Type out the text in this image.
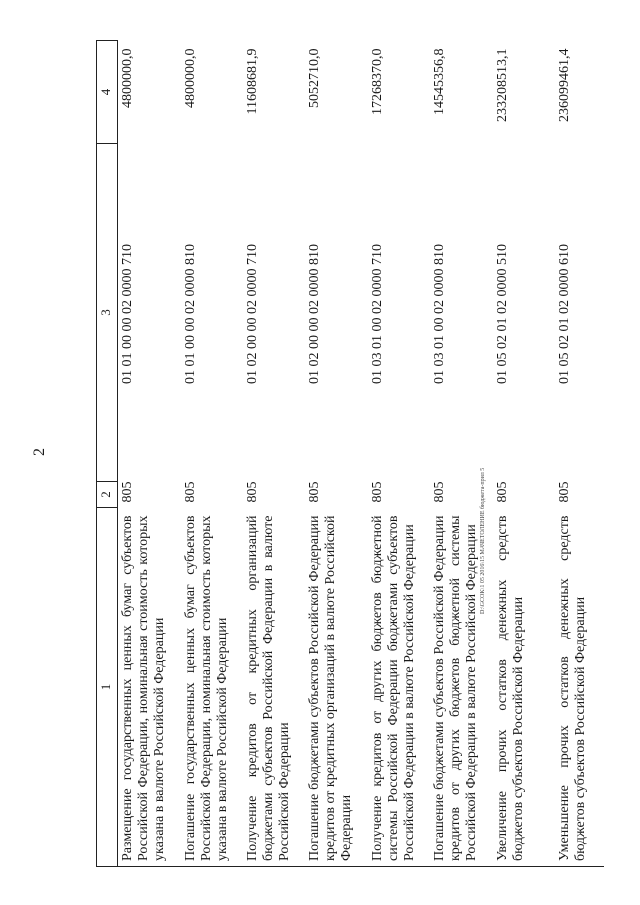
2
1	2	3	4
Размещение государственных ценных бумаг субъектов Российской Федерации, номинальная стоимость которых указана в валюте Российской Федерации	805	01 01 00 00 02 0000 710	4800000,0
Погашение государственных ценных бумаг субъектов Российской Федерации, номинальная стоимость которых указана в валюте Российской Федерации	805	01 01 00 00 02 0000 810	4800000,0
Получение кредитов от кредитных организаций бюджетами субъектов Российской Федерации в валюте Российской Федерации	805	01 02 00 00 02 0000 710	11608681,9
Погашение бюджетами субъектов Российской Федерации кредитов от кредитных организаций в валюте Российской Федерации	805	01 02 00 00 02 0000 810	5052710,0
Получение кредитов от других бюджетов бюджетной системы Российской Федерации бюджетами субъектов Российской Федерации в валюте Российской Федерации	805	01 03 01 00 02 0000 710	17268370,0
Погашение бюджетами субъектов Российской Федерации кредитов от других бюджетов бюджетной системы Российской Федерации в валюте Российской Федерации	805	01 03 01 00 02 0000 810	14545356,8
Увеличение прочих остатков денежных средств бюджетов субъектов Российской Федерации	805	01 05 02 01 02 0000 510	233208513,1
Уменьшение прочих остатков денежных средств бюджетов субъектов Российской Федерации	805	01 05 02 01 02 0000 610	236099461,4
D:\GCOK\1 05 2016\15 МАЧЕТОЛЕНИЕ бюджета-прил 5
